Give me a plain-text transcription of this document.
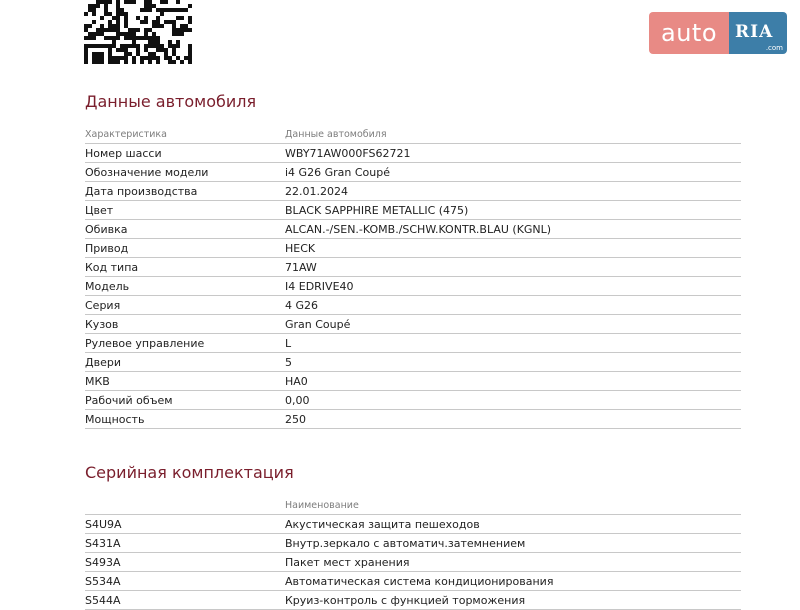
auto	RIA
.com
Данные автомобиля
Характеристика	Данные автомобиля
Номер шасси	WBY71AW000FS62721
Обозначение модели	i4 G26 Gran Coupé
Дата производства	22.01.2024
Цвет	BLACK SAPPHIRE METALLIC (475)
Обивка	ALCAN.-/SEN.-KOMB./SCHW.KONTR.BLAU (KGNL)
Привод	HECK
Код типа	71AW
Модель	I4 EDRIVE40
Серия	4 G26
Кузов	Gran Coupé
Рулевое управление	L
Двери	5
МКВ	HA0
Рабочий объем	0,00
Мощность	250
Серийная комплектация
Наименование
S4U9A	Акустическая защита пешеходов
S431A	Внутр.зеркало с автоматич.затемнением
S493A	Пакет мест хранения
S534A	Автоматическая система кондиционирования
S544A	Круиз-контроль с функцией торможения
